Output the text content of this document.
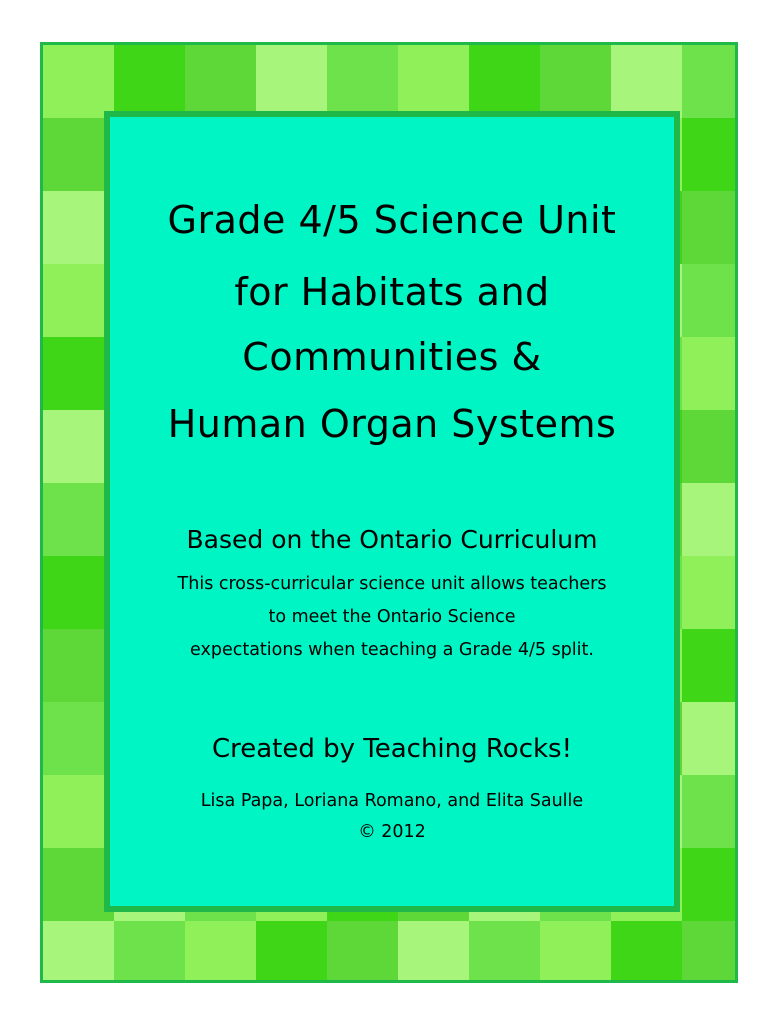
Grade 4/5 Science Unit
for Habitats and
Communities &
Human Organ Systems
Based on the Ontario Curriculum
This cross-curricular science unit allows teachers
to meet the Ontario Science
expectations when teaching a Grade 4/5 split.
Created by Teaching Rocks!
Lisa Papa, Loriana Romano, and Elita Saulle
© 2012
